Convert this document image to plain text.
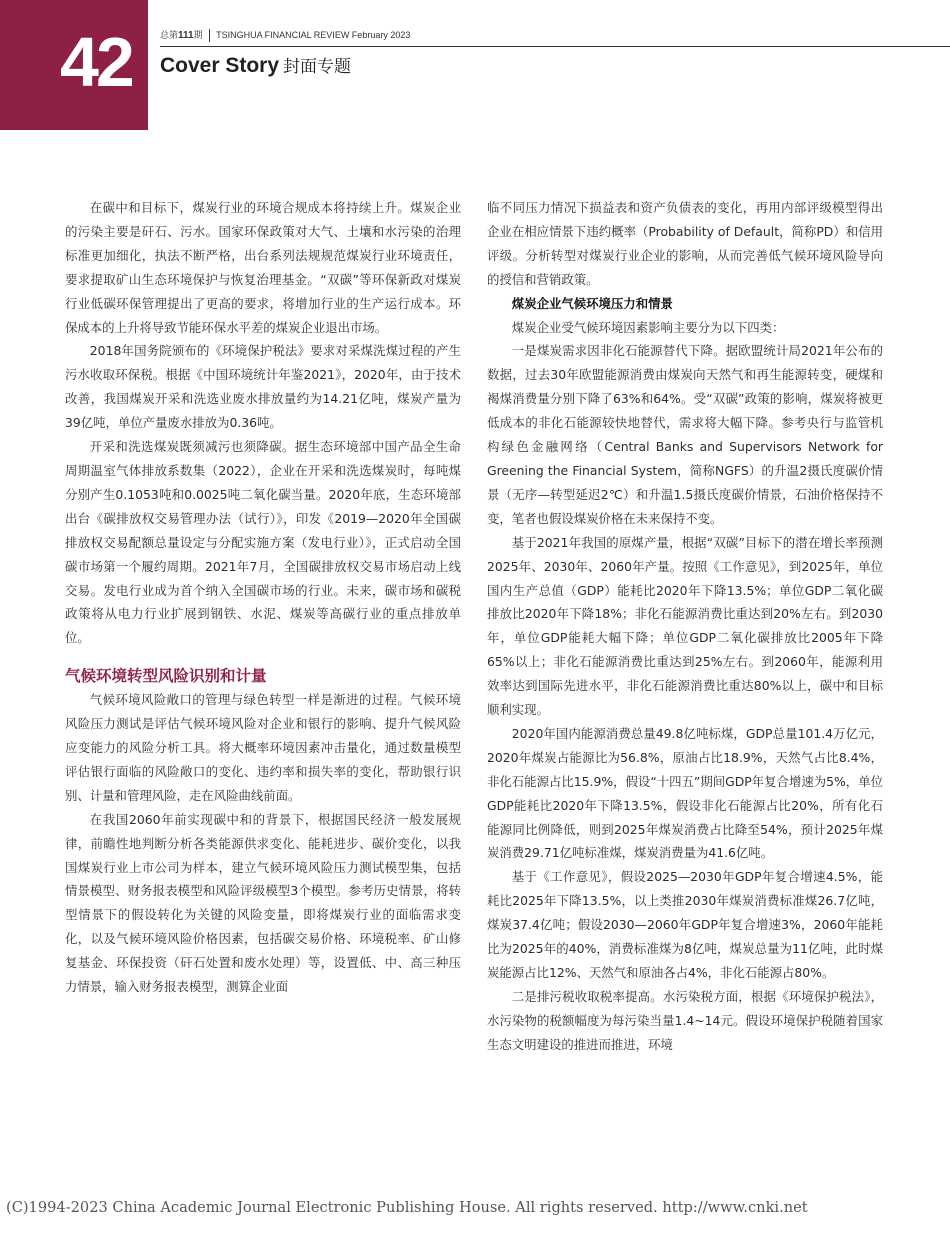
42	总第111期 TSINGHUA FINANCIAL REVIEW February 2023
Cover Story 封面专题

在碳中和目标下，煤炭行业的环境合规成本将持续上升。煤炭企业的污染主要是矸石、污水。国家环保政策对大气、土壤和水污染的治理标准更加细化，执法不断严格，出台系列法规规范煤炭行业环境责任，要求提取矿山生态环境保护与恢复治理基金。“双碳”等环保新政对煤炭行业低碳环保管理提出了更高的要求，将增加行业的生产运行成本。环保成本的上升将导致节能环保水平差的煤炭企业退出市场。

2018年国务院颁布的《环境保护税法》要求对采煤洗煤过程的产生污水收取环保税。根据《中国环境统计年鉴2021》，2020年，由于技术改善，我国煤炭开采和洗选业废水排放量约为14.21亿吨，煤炭产量为39亿吨，单位产量废水排放为0.36吨。

开采和洗选煤炭既须减污也须降碳。据生态环境部中国产品全生命周期温室气体排放系数集（2022），企业在开采和洗选煤炭时，每吨煤分别产生0.1053吨和0.0025吨二氧化碳当量。2020年底，生态环境部出台《碳排放权交易管理办法（试行）》，印发《2019—2020年全国碳排放权交易配额总量设定与分配实施方案（发电行业）》，正式启动全国碳市场第一个履约周期。2021年7月，全国碳排放权交易市场启动上线交易。发电行业成为首个纳入全国碳市场的行业。未来，碳市场和碳税政策将从电力行业扩展到钢铁、水泥、煤炭等高碳行业的重点排放单位。

气候环境转型风险识别和计量

气候环境风险敞口的管理与绿色转型一样是渐进的过程。气候环境风险压力测试是评估气候环境风险对企业和银行的影响、提升气候风险应变能力的风险分析工具。将大概率环境因素冲击量化，通过数量模型评估银行面临的风险敞口的变化、违约率和损失率的变化，帮助银行识别、计量和管理风险，走在风险曲线前面。

在我国2060年前实现碳中和的背景下，根据国民经济一般发展规律，前瞻性地判断分析各类能源供求变化、能耗进步、碳价变化，以我国煤炭行业上市公司为样本，建立气候环境风险压力测试模型集，包括情景模型、财务报表模型和风险评级模型3个模型。参考历史情景，将转型情景下的假设转化为关键的风险变量，即将煤炭行业的面临需求变化，以及气候环境风险价格因素，包括碳交易价格、环境税率、矿山修复基金、环保投资（矸石处置和废水处理）等，设置低、中、高三种压力情景，输入财务报表模型，测算企业面

临不同压力情况下损益表和资产负债表的变化，再用内部评级模型得出企业在相应情景下违约概率（Probability of Default，简称PD）和信用评级。分析转型对煤炭行业企业的影响，从而完善低气候环境风险导向的授信和营销政策。

煤炭企业气候环境压力和情景

煤炭企业受气候环境因素影响主要分为以下四类：

一是煤炭需求因非化石能源替代下降。据欧盟统计局2021年公布的数据，过去30年欧盟能源消费由煤炭向天然气和再生能源转变，硬煤和褐煤消费量分别下降了63%和64%。受“双碳”政策的影响，煤炭将被更低成本的非化石能源较快地替代，需求将大幅下降。参考央行与监管机构绿色金融网络（Central Banks and Supervisors Network for Greening the Financial System，简称NGFS）的升温2摄氏度碳价情景（无序—转型延迟2℃）和升温1.5摄氏度碳价情景，石油价格保持不变，笔者也假设煤炭价格在未来保持不变。

基于2021年我国的原煤产量，根据“双碳”目标下的潜在增长率预测2025年、2030年、2060年产量。按照《工作意见》，到2025年，单位国内生产总值（GDP）能耗比2020年下降13.5%；单位GDP二氧化碳排放比2020年下降18%；非化石能源消费比重达到20%左右。到2030年，单位GDP能耗大幅下降；单位GDP二氧化碳排放比2005年下降65%以上；非化石能源消费比重达到25%左右。到2060年，能源利用效率达到国际先进水平，非化石能源消费比重达80%以上，碳中和目标顺利实现。

2020年国内能源消费总量49.8亿吨标煤，GDP总量101.4万亿元，2020年煤炭占能源比为56.8%，原油占比18.9%，天然气占比8.4%，非化石能源占比15.9%，假设“十四五”期间GDP年复合增速为5%，单位GDP能耗比2020年下降13.5%，假设非化石能源占比20%，所有化石能源同比例降低，则到2025年煤炭消费占比降至54%，预计2025年煤炭消费29.71亿吨标准煤，煤炭消费量为41.6亿吨。

基于《工作意见》，假设2025—2030年GDP年复合增速4.5%，能耗比2025年下降13.5%，以上类推2030年煤炭消费标准煤26.7亿吨，煤炭37.4亿吨；假设2030—2060年GDP年复合增速3%，2060年能耗比为2025年的40%，消费标准煤为8亿吨，煤炭总量为11亿吨，此时煤炭能源占比12%、天然气和原油各占4%，非化石能源占80%。

二是排污税收取税率提高。水污染税方面，根据《环境保护税法》，水污染物的税额幅度为每污染当量1.4~14元。假设环境保护税随着国家生态文明建设的推进而推进，环境

(C)1994-2023 China Academic Journal Electronic Publishing House. All rights reserved. http://www.cnki.net
